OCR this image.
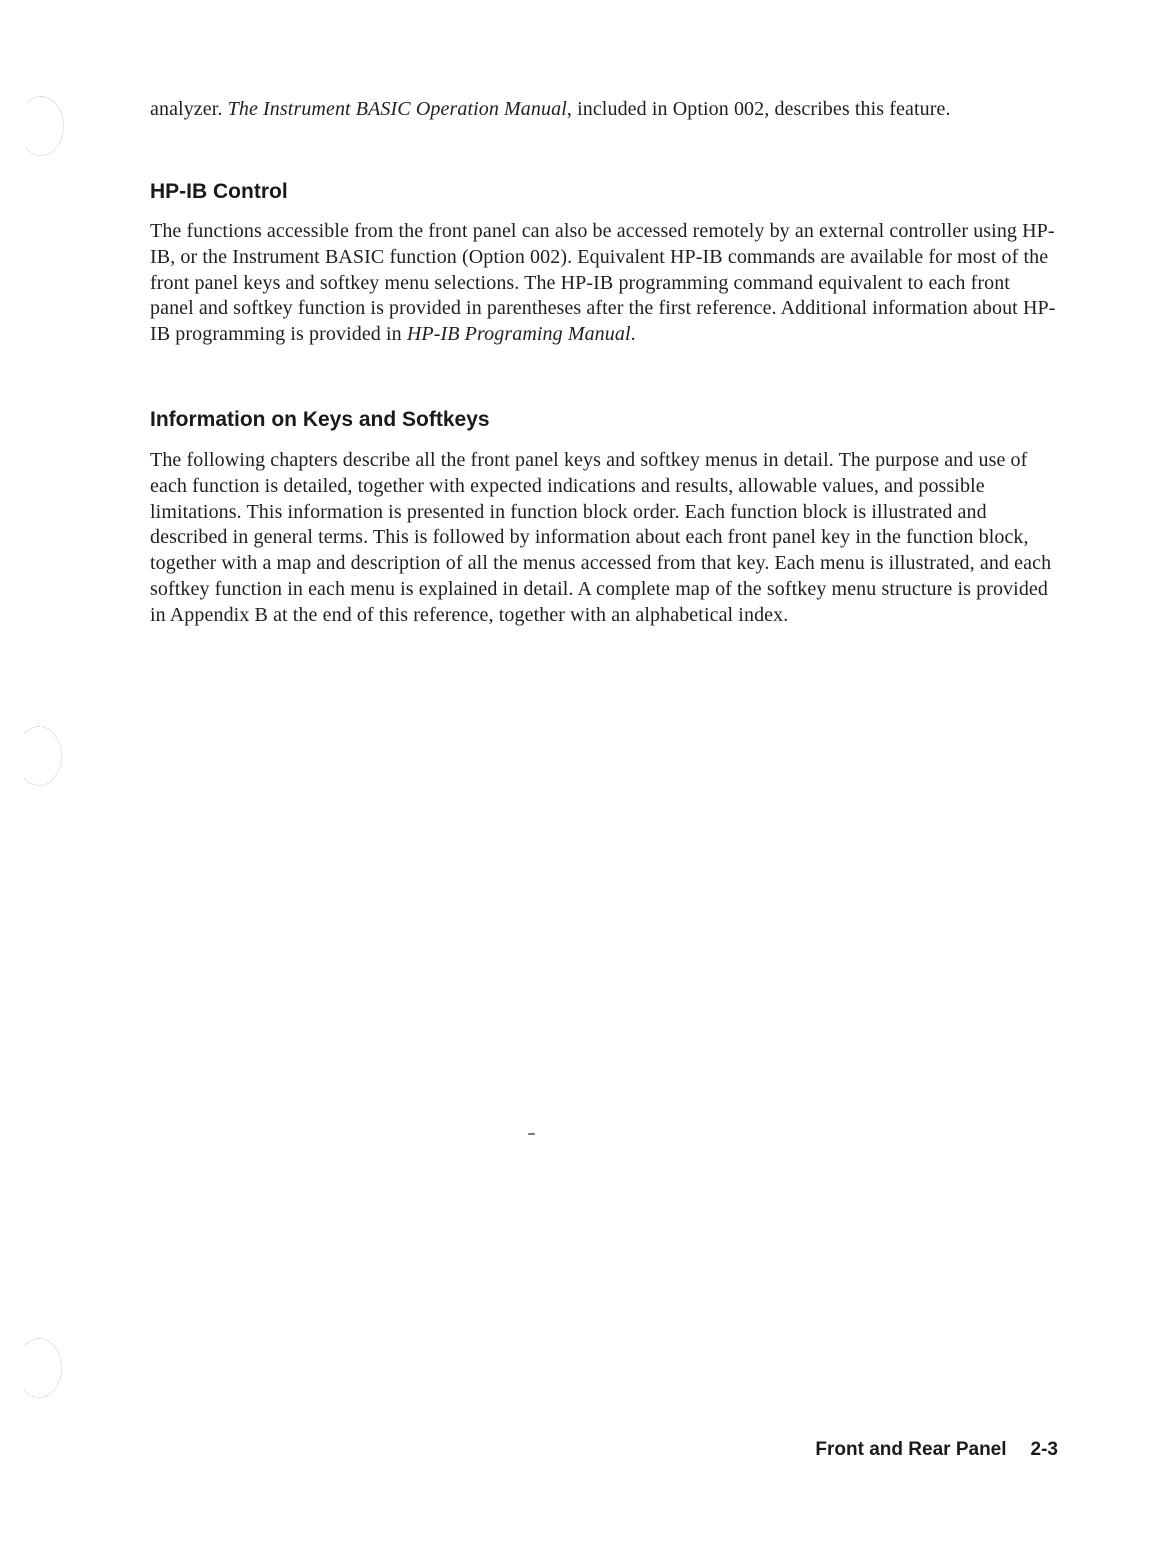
analyzer. The Instrument BASIC Operation Manual, included in Option 002, describes this feature.

HP-IB Control

The functions accessible from the front panel can also be accessed remotely by an external controller using HP-IB, or the Instrument BASIC function (Option 002). Equivalent HP-IB commands are available for most of the front panel keys and softkey menu selections. The HP-IB programming command equivalent to each front panel and softkey function is provided in parentheses after the first reference. Additional information about HP-IB programming is provided in HP-IB Programing Manual.

Information on Keys and Softkeys

The following chapters describe all the front panel keys and softkey menus in detail. The purpose and use of each function is detailed, together with expected indications and results, allowable values, and possible limitations. This information is presented in function block order. Each function block is illustrated and described in general terms. This is followed by information about each front panel key in the function block, together with a map and description of all the menus accessed from that key. Each menu is illustrated, and each softkey function in each menu is explained in detail. A complete map of the softkey menu structure is provided in Appendix B at the end of this reference, together with an alphabetical index.

Front and Rear Panel 2-3
